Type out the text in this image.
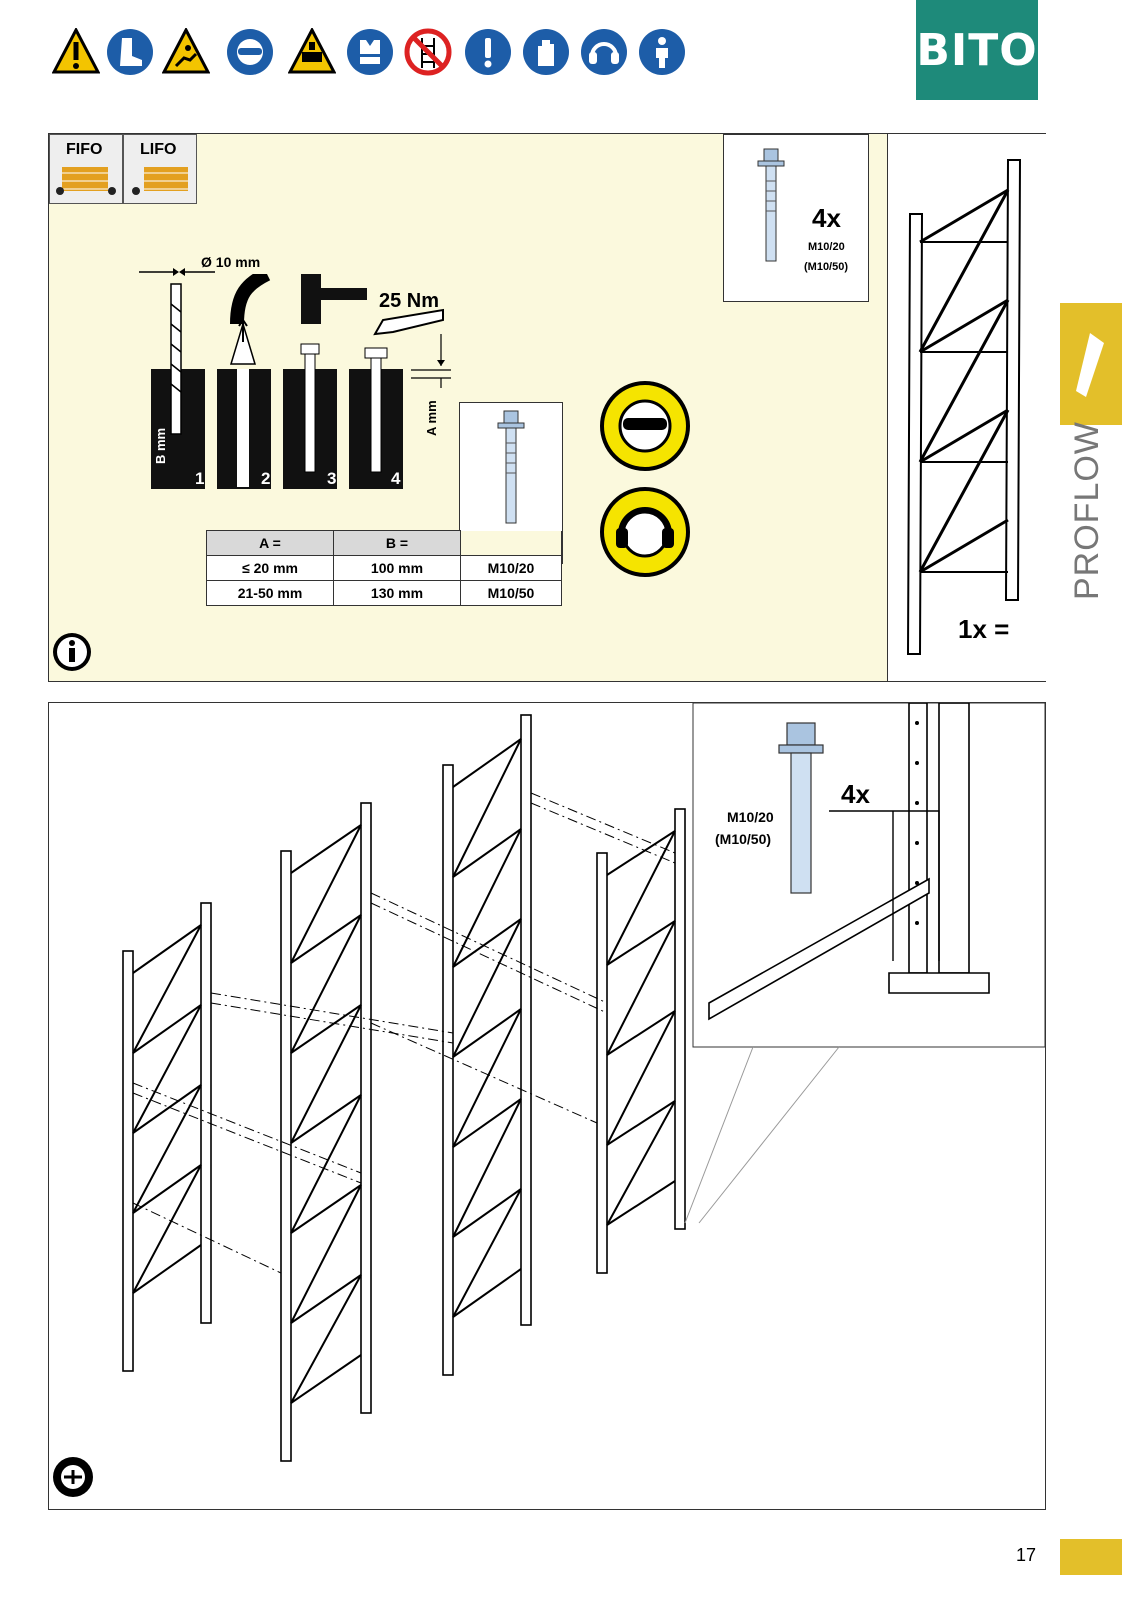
BITO
FIFO LIFO
Ø 10 mm
25 Nm
1	2	3	4
B mm
A mm
A =	B =	
≤ 20 mm	100 mm	M10/20
21-50 mm	130 mm	M10/50
4x
M10/20
(M10/50)
1x =
4x
M10/20
(M10/50)
PROFLOW
17
